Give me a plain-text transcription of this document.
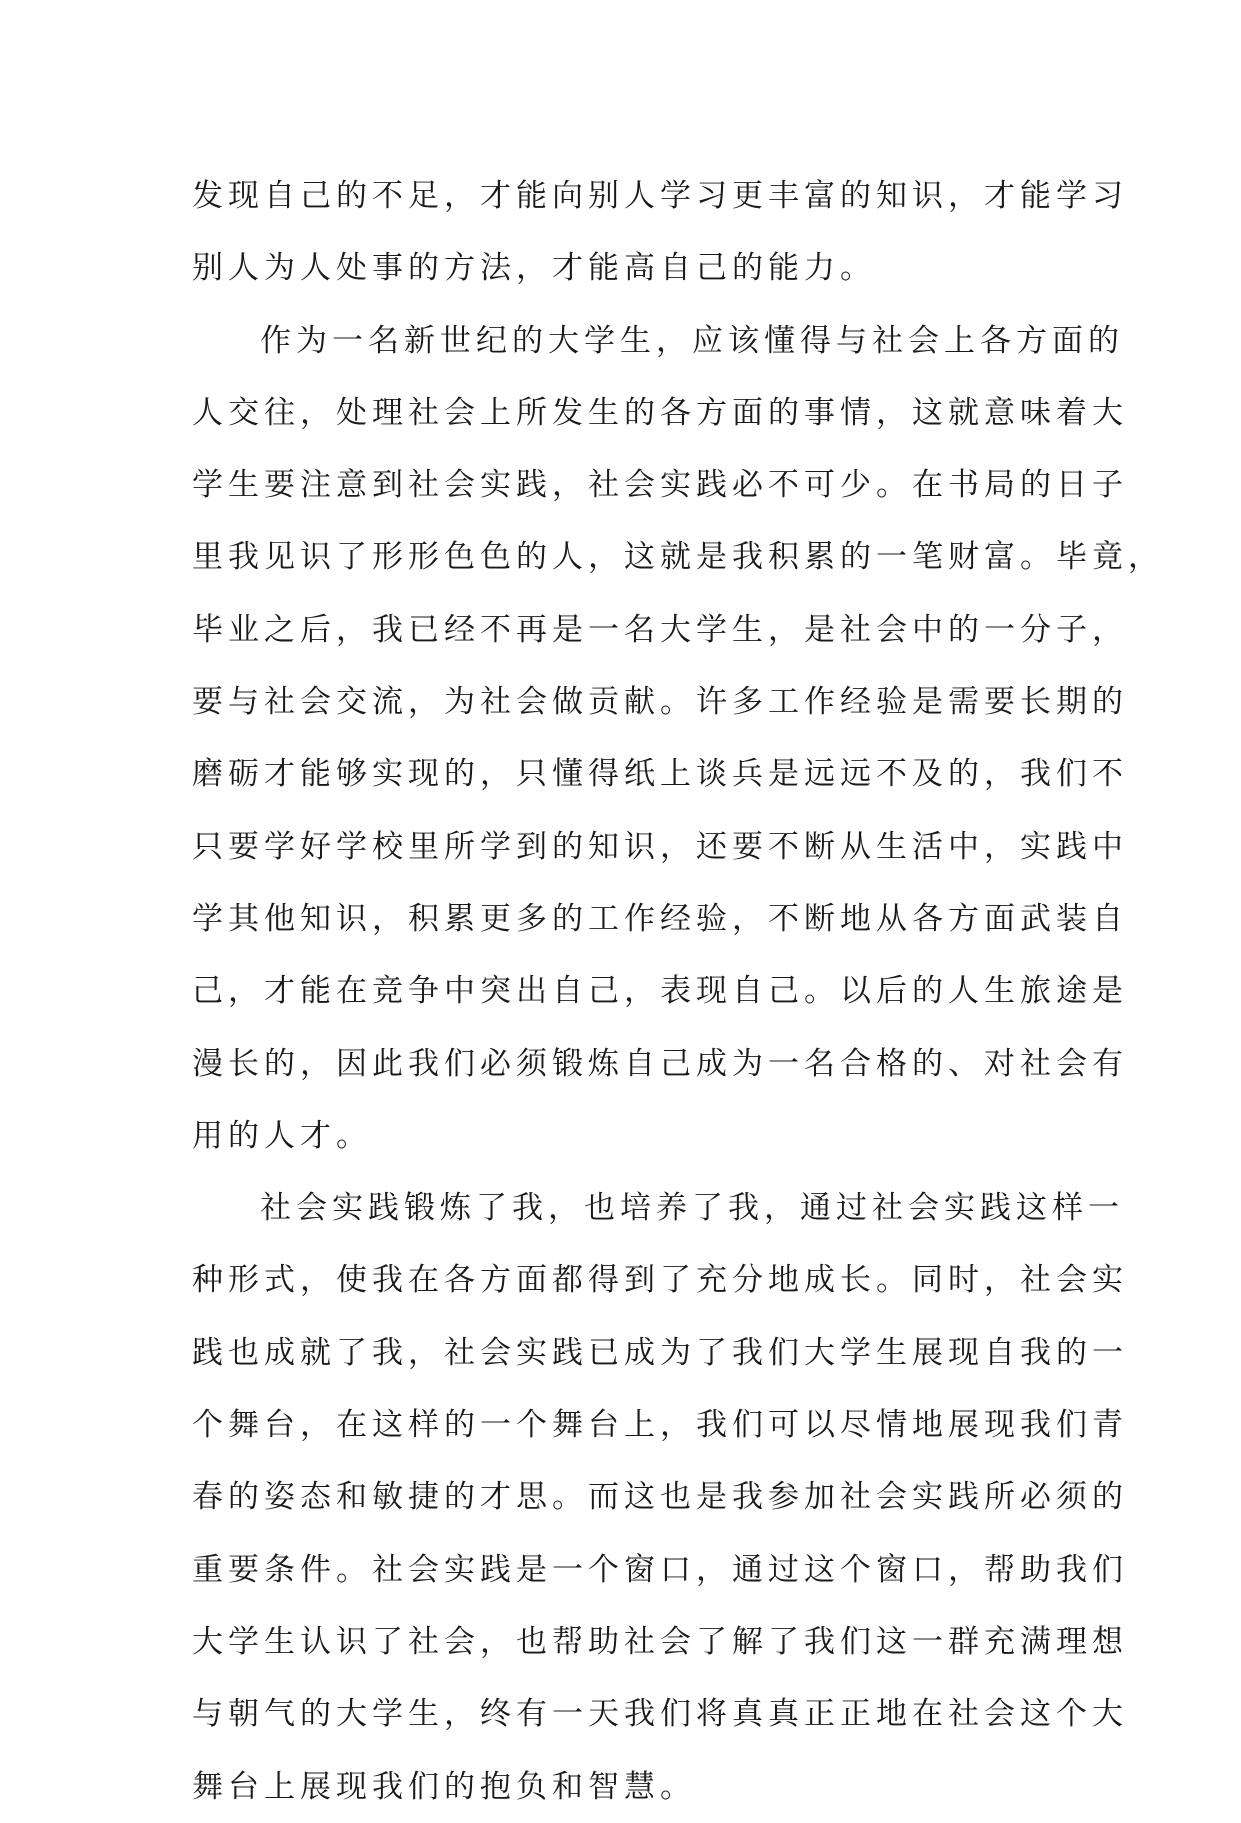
发现自己的不足，才能向别人学习更丰富的知识，才能学习
别人为人处事的方法，才能高自己的能力。
作为一名新世纪的大学生，应该懂得与社会上各方面的
人交往，处理社会上所发生的各方面的事情，这就意味着大
学生要注意到社会实践，社会实践必不可少。在书局的日子
里我见识了形形色色的人，这就是我积累的一笔财富。毕竟，
毕业之后，我已经不再是一名大学生，是社会中的一分子，
要与社会交流，为社会做贡献。许多工作经验是需要长期的
磨砺才能够实现的，只懂得纸上谈兵是远远不及的，我们不
只要学好学校里所学到的知识，还要不断从生活中，实践中
学其他知识，积累更多的工作经验，不断地从各方面武装自
己，才能在竞争中突出自己，表现自己。以后的人生旅途是
漫长的，因此我们必须锻炼自己成为一名合格的、对社会有
用的人才。
社会实践锻炼了我，也培养了我，通过社会实践这样一
种形式，使我在各方面都得到了充分地成长。同时，社会实
践也成就了我，社会实践已成为了我们大学生展现自我的一
个舞台，在这样的一个舞台上，我们可以尽情地展现我们青
春的姿态和敏捷的才思。而这也是我参加社会实践所必须的
重要条件。社会实践是一个窗口，通过这个窗口，帮助我们
大学生认识了社会，也帮助社会了解了我们这一群充满理想
与朝气的大学生，终有一天我们将真真正正地在社会这个大
舞台上展现我们的抱负和智慧。
